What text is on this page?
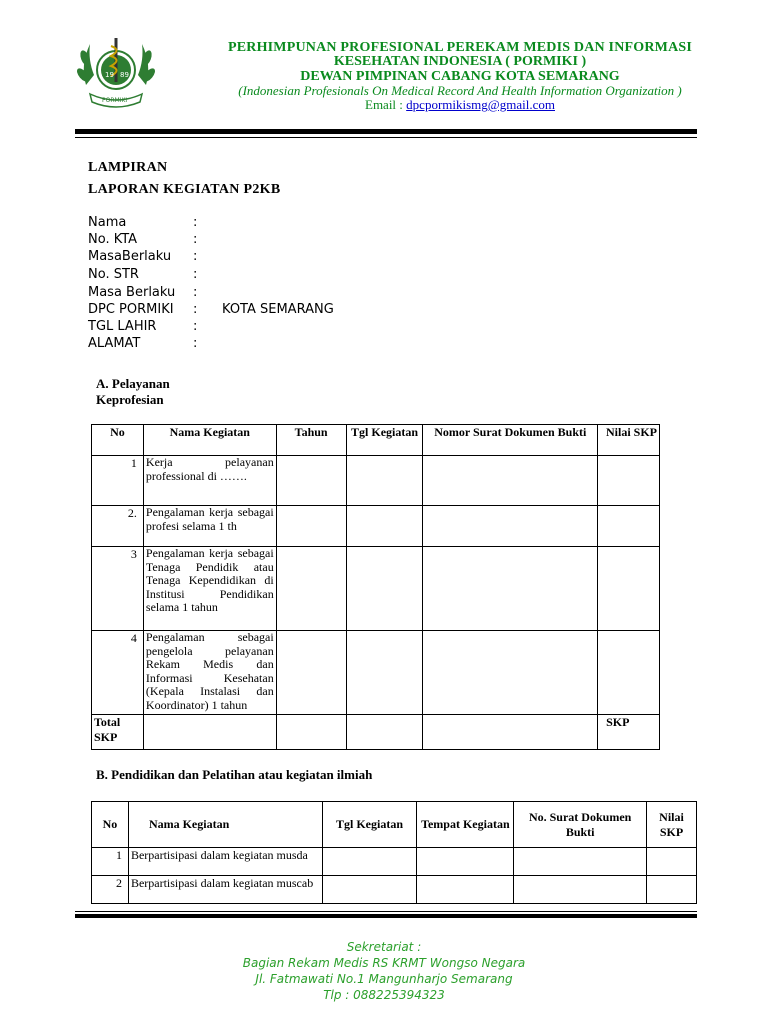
19 89
PORMIKI
PERHIMPUNAN PROFESIONAL PEREKAM MEDIS DAN INFORMASI
KESEHATAN INDONESIA ( PORMIKI )
DEWAN PIMPINAN CABANG KOTA SEMARANG
(Indonesian Profesionals On Medical Record And Health Information Organization )
Email : dpcpormikismg@gmail.com
LAMPIRAN
LAPORAN KEGIATAN P2KB
Nama	:
No. KTA	:
MasaBerlaku :
No. STR	:
Masa Berlaku :
DPC PORMIKI : KOTA SEMARANG
TGL LAHIR	:
ALAMAT	:
A. Pelayanan
Keprofesian
No	Nama Kegiatan	Tahun	Tgl Kegiatan	Nomor Surat Dokumen Bukti	Nilai SKP
1	Kerja pelayanan professional di …….				
2.	Pengalaman kerja sebagai profesi selama 1 th				
3	Pengalaman kerja sebagai Tenaga Pendidik atau Tenaga Kependidikan di Institusi Pendidikan selama 1 tahun				
4	Pengalaman sebagai pengelola pelayanan Rekam Medis dan Informasi Kesehatan (Kepala Instalasi dan Koordinator) 1 tahun				
Total SKP					SKP
B. Pendidikan dan Pelatihan atau kegiatan ilmiah
No	Nama Kegiatan	Tgl Kegiatan	Tempat Kegiatan	No. Surat Dokumen Bukti	Nilai SKP
1	Berpartisipasi dalam kegiatan musda				
2	Berpartisipasi dalam kegiatan muscab				
Sekretariat :
Bagian Rekam Medis RS KRMT Wongso Negara
Jl. Fatmawati No.1 Mangunharjo Semarang
Tlp : 088225394323
